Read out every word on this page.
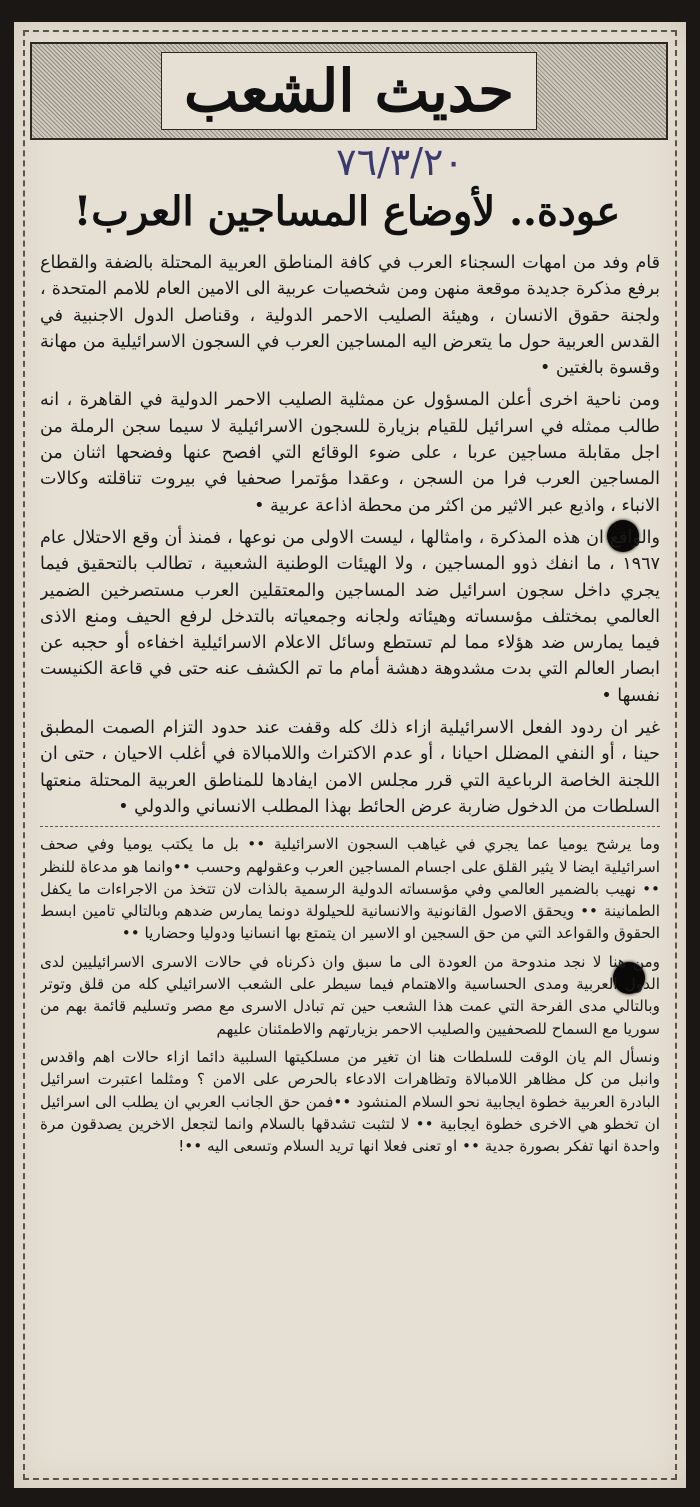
حديث الشعب
٧٦/٣/٢٠
عودة.. لأوضاع المساجين العرب!

قام وفد من امهات السجناء العرب في كافة المناطق العربية المحتلة بالضفة والقطاع برفع مذكرة جديدة موقعة منهن ومن شخصيات عربية الى الامين العام للامم المتحدة ، ولجنة حقوق الانسان ، وهيئة الصليب الاحمر الدولية ، وقناصل الدول الاجنبية في القدس العربية حول ما يتعرض اليه المساجين العرب في السجون الاسرائيلية من مهانة وقسوة بالغتين •

ومن ناحية اخرى أعلن المسؤول عن ممثلية الصليب الاحمر الدولية في القاهرة ، انه طالب ممثله في اسرائيل للقيام بزيارة للسجون الاسرائيلية لا سيما سجن الرملة من اجل مقابلة مساجين عربا ، على ضوء الوقائع التي افصح عنها وفضحها اثنان من المساجين العرب فرا من السجن ، وعقدا مؤتمرا صحفيا في بيروت تناقلته وكالات الانباء ، واذيع عبر الاثير من اكثر من محطة اذاعة عربية •

والواقع ان هذه المذكرة ، وامثالها ، ليست الاولى من نوعها ، فمنذ أن وقع الاحتلال عام ١٩٦٧ ، ما انفك ذوو المساجين ، ولا الهيئات الوطنية الشعبية ، تطالب بالتحقيق فيما يجري داخل سجون اسرائيل ضد المساجين والمعتقلين العرب مستصرخين الضمير العالمي بمختلف مؤسساته وهيئاته ولجانه وجمعياته بالتدخل لرفع الحيف ومنع الاذى فيما يمارس ضد هؤلاء مما لم تستطع وسائل الاعلام الاسرائيلية اخفاءه أو حجبه عن ابصار العالم التي بدت مشدوهة دهشة أمام ما تم الكشف عنه حتى في قاعة الكنيست نفسها •

غير ان ردود الفعل الاسرائيلية ازاء ذلك كله وقفت عند حدود التزام الصمت المطبق حينا ، أو النفي المضلل احيانا ، أو عدم الاكتراث واللامبالاة في أغلب الاحيان ، حتى ان اللجنة الخاصة الرباعية التي قرر مجلس الامن ايفادها للمناطق العربية المحتلة منعتها السلطات من الدخول ضاربة عرض الحائط بهذا المطلب الانساني والدولي •

وما يرشح يوميا عما يجري في غياهب السجون الاسرائيلية •• بل ما يكتب يوميا وفي صحف اسرائيلية ايضا لا يثير القلق على اجسام المساجين العرب وعقولهم وحسب ••وانما هو مدعاة للنظر •• نهيب بالضمير العالمي وفي مؤسساته الدولية الرسمية بالذات لان تتخذ من الاجراءات ما يكفل الطمانينة •• ويحقق الاصول القانونية والانسانية للحيلولة دونما يمارس ضدهم وبالتالي تامين ابسط الحقوق والقواعد التي من حق السجين او الاسير ان يتمتع بها انسانيا ودوليا وحضاريا ••

ومن هنا لا نجد مندوحة من العودة الى ما سبق وان ذكرناه في حالات الاسرى الاسرائيليين لدى الدول العربية ومدى الحساسية والاهتمام فيما سيطر على الشعب الاسرائيلي كله من قلق وتوتر وبالتالي مدى الفرحة التي عمت هذا الشعب حين تم تبادل الاسرى مع مصر وتسليم قائمة بهم من سوريا مع السماح للصحفيين والصليب الاحمر بزيارتهم والاطمئنان عليهم

ونسأل الم يان الوقت للسلطات هنا ان تغير من مسلكيتها السلبية دائما ازاء حالات اهم واقدس وانبل من كل مظاهر اللامبالاة وتظاهرات الادعاء بالحرص على الامن ؟ ومثلما اعتبرت اسرائيل البادرة العربية خطوة ايجابية نحو السلام المنشود ••فمن حق الجانب العربي ان يطلب الى اسرائيل ان تخطو هي الاخرى خطوة ايجابية •• لا لتثبت تشدقها بالسلام وانما لتجعل الاخرين يصدقون مرة واحدة انها تفكر بصورة جدية •• او تعنى فعلا انها تريد السلام وتسعى اليه ••!
